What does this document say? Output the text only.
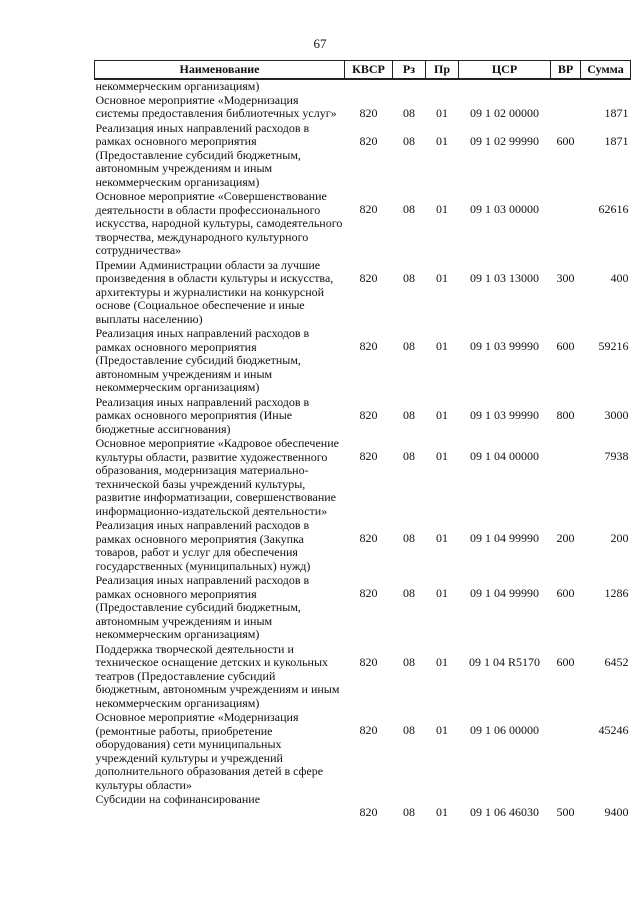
67
Наименование	КВСР	Рз	Пр	ЦСР	ВР	Сумма
некоммерческим организациям)						
Основное мероприятие «Модернизация системы предоставления библиотечных услуг»	820	08	01	09 1 02 00000		1871
Реализация иных направлений расходов в рамках основного мероприятия (Предоставление субсидий бюджетным, автономным учреждениям и иным некоммерческим организациям)	820	08	01	09 1 02 99990	600	1871
Основное мероприятие «Совершенствование деятельности в области профессионального искусства, народной культуры, самодеятельного творчества, международного культурного сотрудничества»	820	08	01	09 1 03 00000		62616
Премии Администрации области за лучшие произведения в области культуры и искусства, архитектуры и журналистики на конкурсной основе (Социальное обеспечение и иные выплаты населению)	820	08	01	09 1 03 13000	300	400
Реализация иных направлений расходов в рамках основного мероприятия (Предоставление субсидий бюджетным, автономным учреждениям и иным некоммерческим организациям)	820	08	01	09 1 03 99990	600	59216
Реализация иных направлений расходов в рамках основного мероприятия (Иные бюджетные ассигнования)	820	08	01	09 1 03 99990	800	3000
Основное мероприятие «Кадровое обеспечение культуры области, развитие художественного образования, модернизация материально-технической базы учреждений культуры, развитие информатизации, совершенствование информационно-издательской деятельности»	820	08	01	09 1 04 00000		7938
Реализация иных направлений расходов в рамках основного мероприятия (Закупка товаров, работ и услуг для обеспечения государственных (муниципальных) нужд)	820	08	01	09 1 04 99990	200	200
Реализация иных направлений расходов в рамках основного мероприятия (Предоставление субсидий бюджетным, автономным учреждениям и иным некоммерческим организациям)	820	08	01	09 1 04 99990	600	1286
Поддержка творческой деятельности и техническое оснащение детских и кукольных театров (Предоставление субсидий бюджетным, автономным учреждениям и иным некоммерческим организациям)	820	08	01	09 1 04 R5170	600	6452
Основное мероприятие «Модернизация (ремонтные работы, приобретение оборудования) сети муниципальных учреждений культуры и учреждений дополнительного образования детей в сфере культуры области»	820	08	01	09 1 06 00000		45246
Субсидии на софинансирование	820	08	01	09 1 06 46030	500	9400
